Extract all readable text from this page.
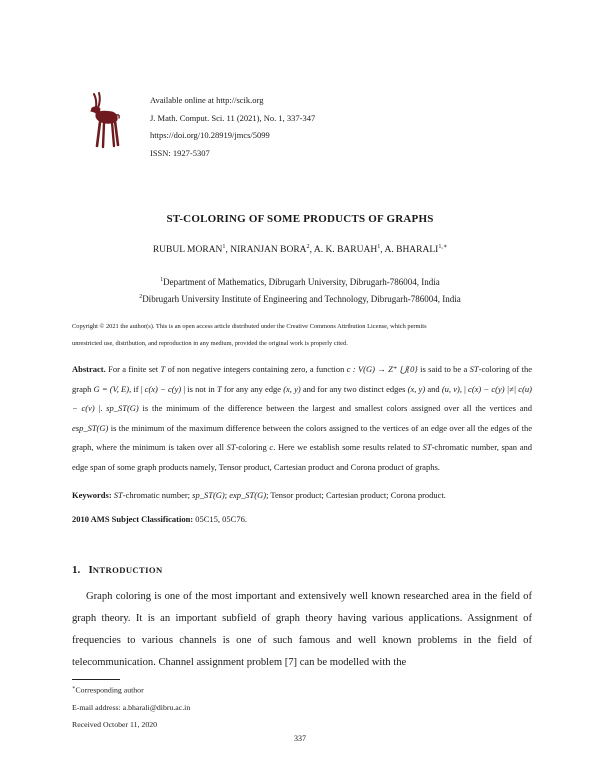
Available online at http://scik.org
J. Math. Comput. Sci. 11 (2021), No. 1, 337-347
https://doi.org/10.28919/jmcs/5099
ISSN: 1927-5307
ST-COLORING OF SOME PRODUCTS OF GRAPHS
RUBUL MORAN$^1$, NIRANJAN BORA$^2$, A. K. BARUAH$^1$, A. $BHARALI^{1,∗}$
$^1$Department of Mathematics, Dibrugarh University, Dibrugarh-786004, India
$^2$Dibrugarh University Institute of Engineering and Technology, Dibrugarh-786004, India
Copyright © 2021 the author(s). This is an open access article distributed under the Creative Commons Attribution License, which permits
unrestricted use, distribution, and reproduction in any medium, provided the original work is properly cited.
Abstract. For a finite set T of non negative integers containing zero, a function c : V(G) → Z⁺ ⋃{0} is said to be a ST-coloring of the graph G = (V, E), if | c(x) − c(y) | is not in T for any any edge (x, y) and for any two distinct edges (x, y) and (u, v), | c(x) − c(y) |≠| c(u) − c(v) |. sp_ST(G) is the minimum of the difference between the largest and smallest colors assigned over all the vertices and esp_ST(G) is the minimum of the maximum difference between the colors assigned to the vertices of an edge over all the edges of the graph, where the minimum is taken over all ST-coloring c. Here we establish some results related to ST-chromatic number, span and edge span of some graph products namely, Tensor product, Cartesian product and Corona product of graphs.
Keywords: ST-chromatic number; sp_ST(G); exp_ST(G); Tensor product; Cartesian product; Corona product.
2010 AMS Subject Classification: 05C15, 05C76.
1. INTRODUCTION
Graph coloring is one of the most important and extensively well known researched area in the field of graph theory. It is an important subfield of graph theory having various applications. Assignment of frequencies to various channels is one of such famous and well known problems in the field of telecommunication. Channel assignment problem [7] can be modelled with the
∗Corresponding author
E-mail address: a.bharali@dibru.ac.in
Received October 11, 2020
337
